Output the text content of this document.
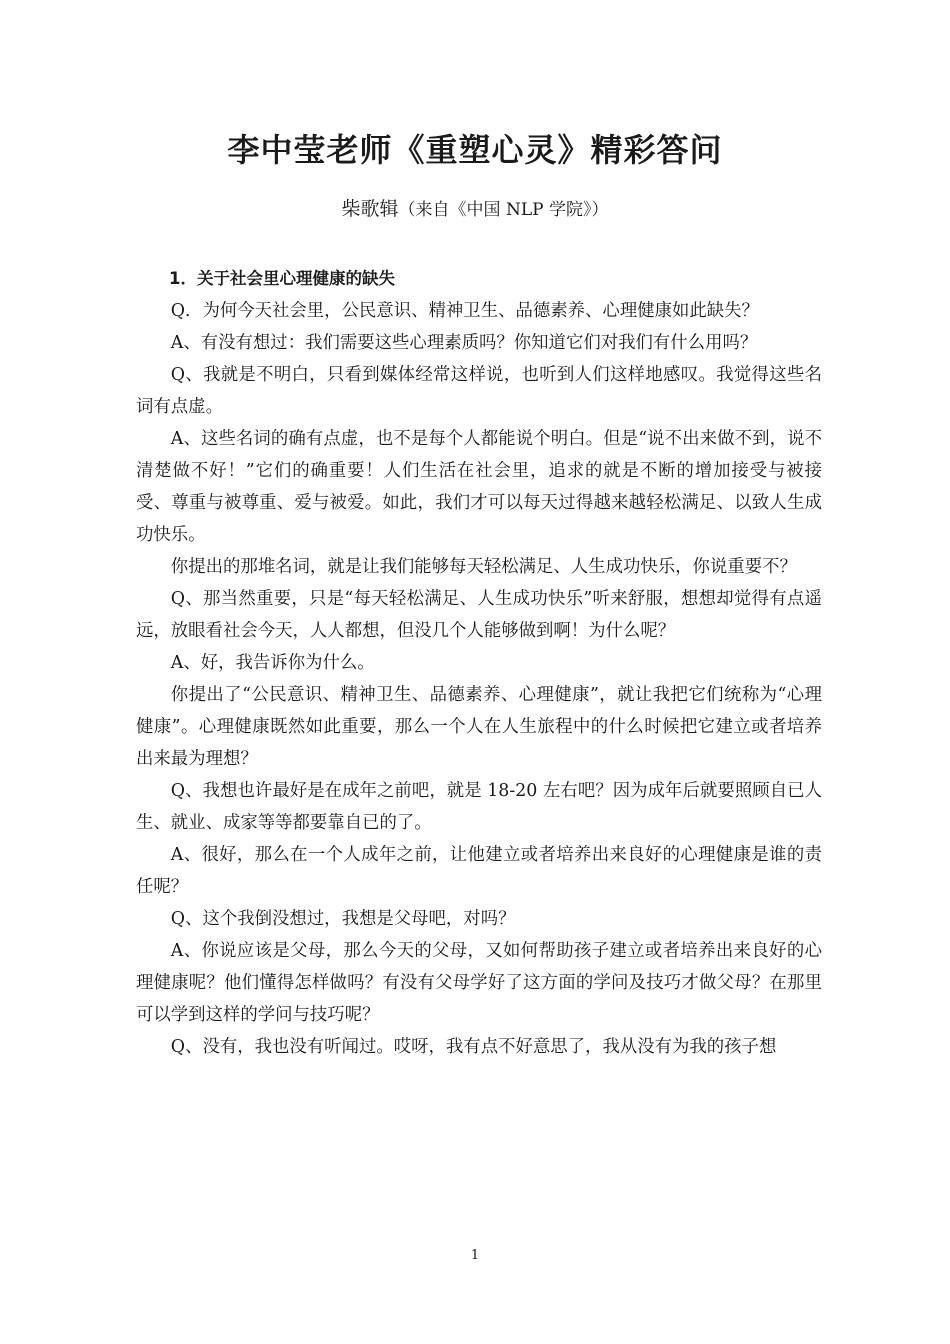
李中莹老师《重塑心灵》精彩答问
柴歌辑（来自《中国 NLP 学院》）

1．关于社会里心理健康的缺失

Q．为何今天社会里，公民意识、精神卫生、品德素养、心理健康如此缺失？

A、有没有想过：我们需要这些心理素质吗？你知道它们对我们有什么用吗？

Q、我就是不明白，只看到媒体经常这样说，也听到人们这样地感叹。我觉得这些名词有点虚。

A、这些名词的确有点虚，也不是每个人都能说个明白。但是“说不出来做不到，说不清楚做不好！”它们的确重要！人们生活在社会里，追求的就是不断的增加接受与被接受、尊重与被尊重、爱与被爱。如此，我们才可以每天过得越来越轻松满足、以致人生成功快乐。

你提出的那堆名词，就是让我们能够每天轻松满足、人生成功快乐，你说重要不？

Q、那当然重要，只是“每天轻松满足、人生成功快乐”听来舒服，想想却觉得有点遥远，放眼看社会今天，人人都想，但没几个人能够做到啊！为什么呢？

A、好，我告诉你为什么。

你提出了“公民意识、精神卫生、品德素养、心理健康”，就让我把它们统称为“心理健康”。心理健康既然如此重要，那么一个人在人生旅程中的什么时候把它建立或者培养出来最为理想？

Q、我想也许最好是在成年之前吧，就是 18-20 左右吧？因为成年后就要照顾自已人生、就业、成家等等都要靠自已的了。

A、很好，那么在一个人成年之前，让他建立或者培养出来良好的心理健康是谁的责任呢？

Q、这个我倒没想过，我想是父母吧，对吗？

A、你说应该是父母，那么今天的父母，又如何帮助孩子建立或者培养出来良好的心理健康呢？他们懂得怎样做吗？有没有父母学好了这方面的学问及技巧才做父母？在那里可以学到这样的学问与技巧呢？

Q、没有，我也没有听闻过。哎呀，我有点不好意思了，我从没有为我的孩子想

1
